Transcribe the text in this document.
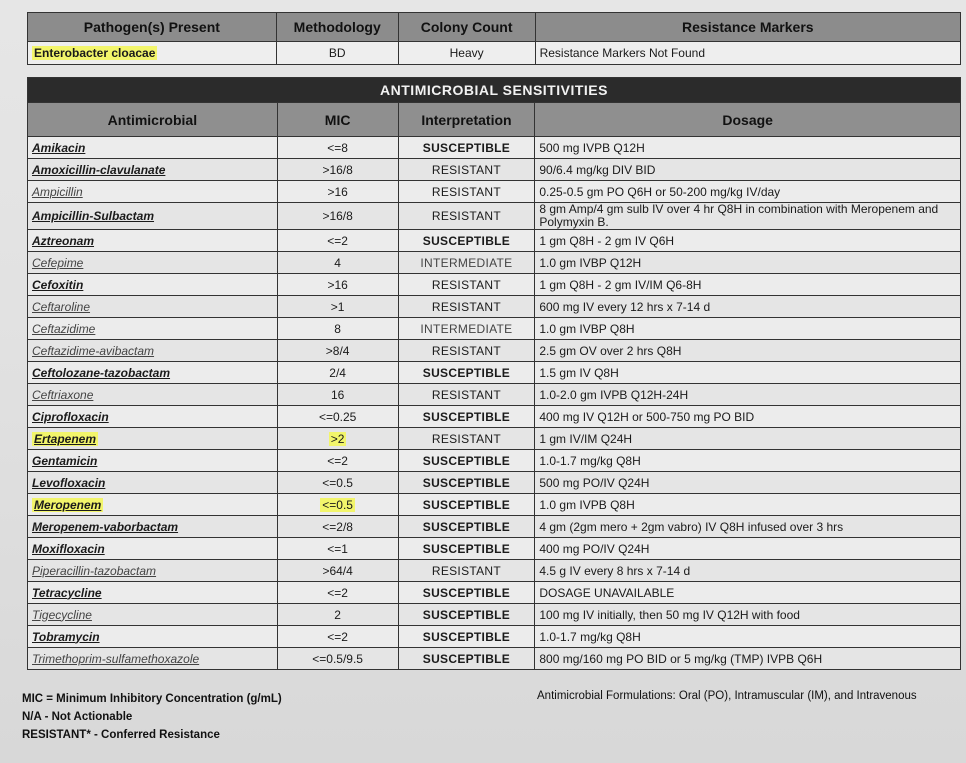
Pathogen(s) Present	Methodology	Colony Count	Resistance Markers
Enterobacter cloacae	BD	Heavy	Resistance Markers Not Found
ANTIMICROBIAL SENSITIVITIES			
Antimicrobial	MIC	Interpretation	Dosage
Amikacin	<=8	SUSCEPTIBLE	500 mg IVPB Q12H
Amoxicillin-clavulanate	>16/8	RESISTANT	90/6.4 mg/kg DIV BID
Ampicillin	>16	RESISTANT	0.25-0.5 gm PO Q6H or 50-200 mg/kg IV/day
Ampicillin-Sulbactam	>16/8	RESISTANT	8 gm Amp/4 gm sulb IV over 4 hr Q8H in combination with Meropenem and Polymyxin B.
Aztreonam	<=2	SUSCEPTIBLE	1 gm Q8H - 2 gm IV Q6H
Cefepime	4	INTERMEDIATE	1.0 gm IVBP Q12H
Cefoxitin	>16	RESISTANT	1 gm Q8H - 2 gm IV/IM Q6-8H
Ceftaroline	>1	RESISTANT	600 mg IV every 12 hrs x 7-14 d
Ceftazidime	8	INTERMEDIATE	1.0 gm IVBP Q8H
Ceftazidime-avibactam	>8/4	RESISTANT	2.5 gm OV over 2 hrs Q8H
Ceftolozane-tazobactam	2/4	SUSCEPTIBLE	1.5 gm IV Q8H
Ceftriaxone	16	RESISTANT	1.0-2.0 gm IVPB Q12H-24H
Ciprofloxacin	<=0.25	SUSCEPTIBLE	400 mg IV Q12H or 500-750 mg PO BID
Ertapenem	>2	RESISTANT	1 gm IV/IM Q24H
Gentamicin	<=2	SUSCEPTIBLE	1.0-1.7 mg/kg Q8H
Levofloxacin	<=0.5	SUSCEPTIBLE	500 mg PO/IV Q24H
Meropenem	<=0.5	SUSCEPTIBLE	1.0 gm IVPB Q8H
Meropenem-vaborbactam	<=2/8	SUSCEPTIBLE	4 gm (2gm mero + 2gm vabro) IV Q8H infused over 3 hrs
Moxifloxacin	<=1	SUSCEPTIBLE	400 mg PO/IV Q24H
Piperacillin-tazobactam	>64/4	RESISTANT	4.5 g IV every 8 hrs x 7-14 d
Tetracycline	<=2	SUSCEPTIBLE	DOSAGE UNAVAILABLE
Tigecycline	2	SUSCEPTIBLE	100 mg IV initially, then 50 mg IV Q12H with food
Tobramycin	<=2	SUSCEPTIBLE	1.0-1.7 mg/kg Q8H
Trimethoprim-sulfamethoxazole	<=0.5/9.5	SUSCEPTIBLE	800 mg/160 mg PO BID or 5 mg/kg (TMP) IVPB Q6H
MIC = Minimum Inhibitory Concentration (g/mL)
N/A - Not Actionable
RESISTANT* - Conferred Resistance
Antimicrobial Formulations: Oral (PO), Intramuscular (IM), and Intravenous
